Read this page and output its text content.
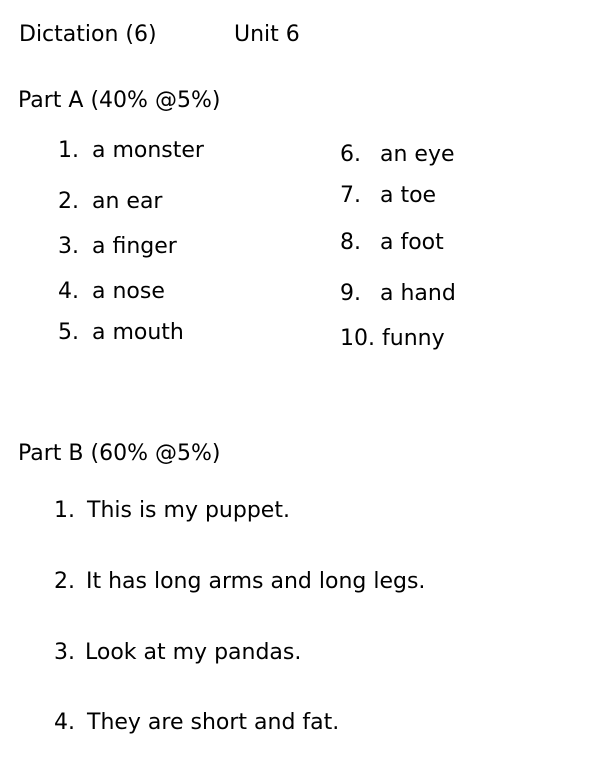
Dictation (6)	Unit 6
Part A (40% @5%)
1. a monster
2. an ear
3. a finger
4. a nose
5. a mouth
6. an eye
7. a toe
8. a foot
9. a hand
10. funny
Part B (60% @5%)
1. This is my puppet.
2. It has long arms and long legs.
3. Look at my pandas.
4. They are short and fat.
